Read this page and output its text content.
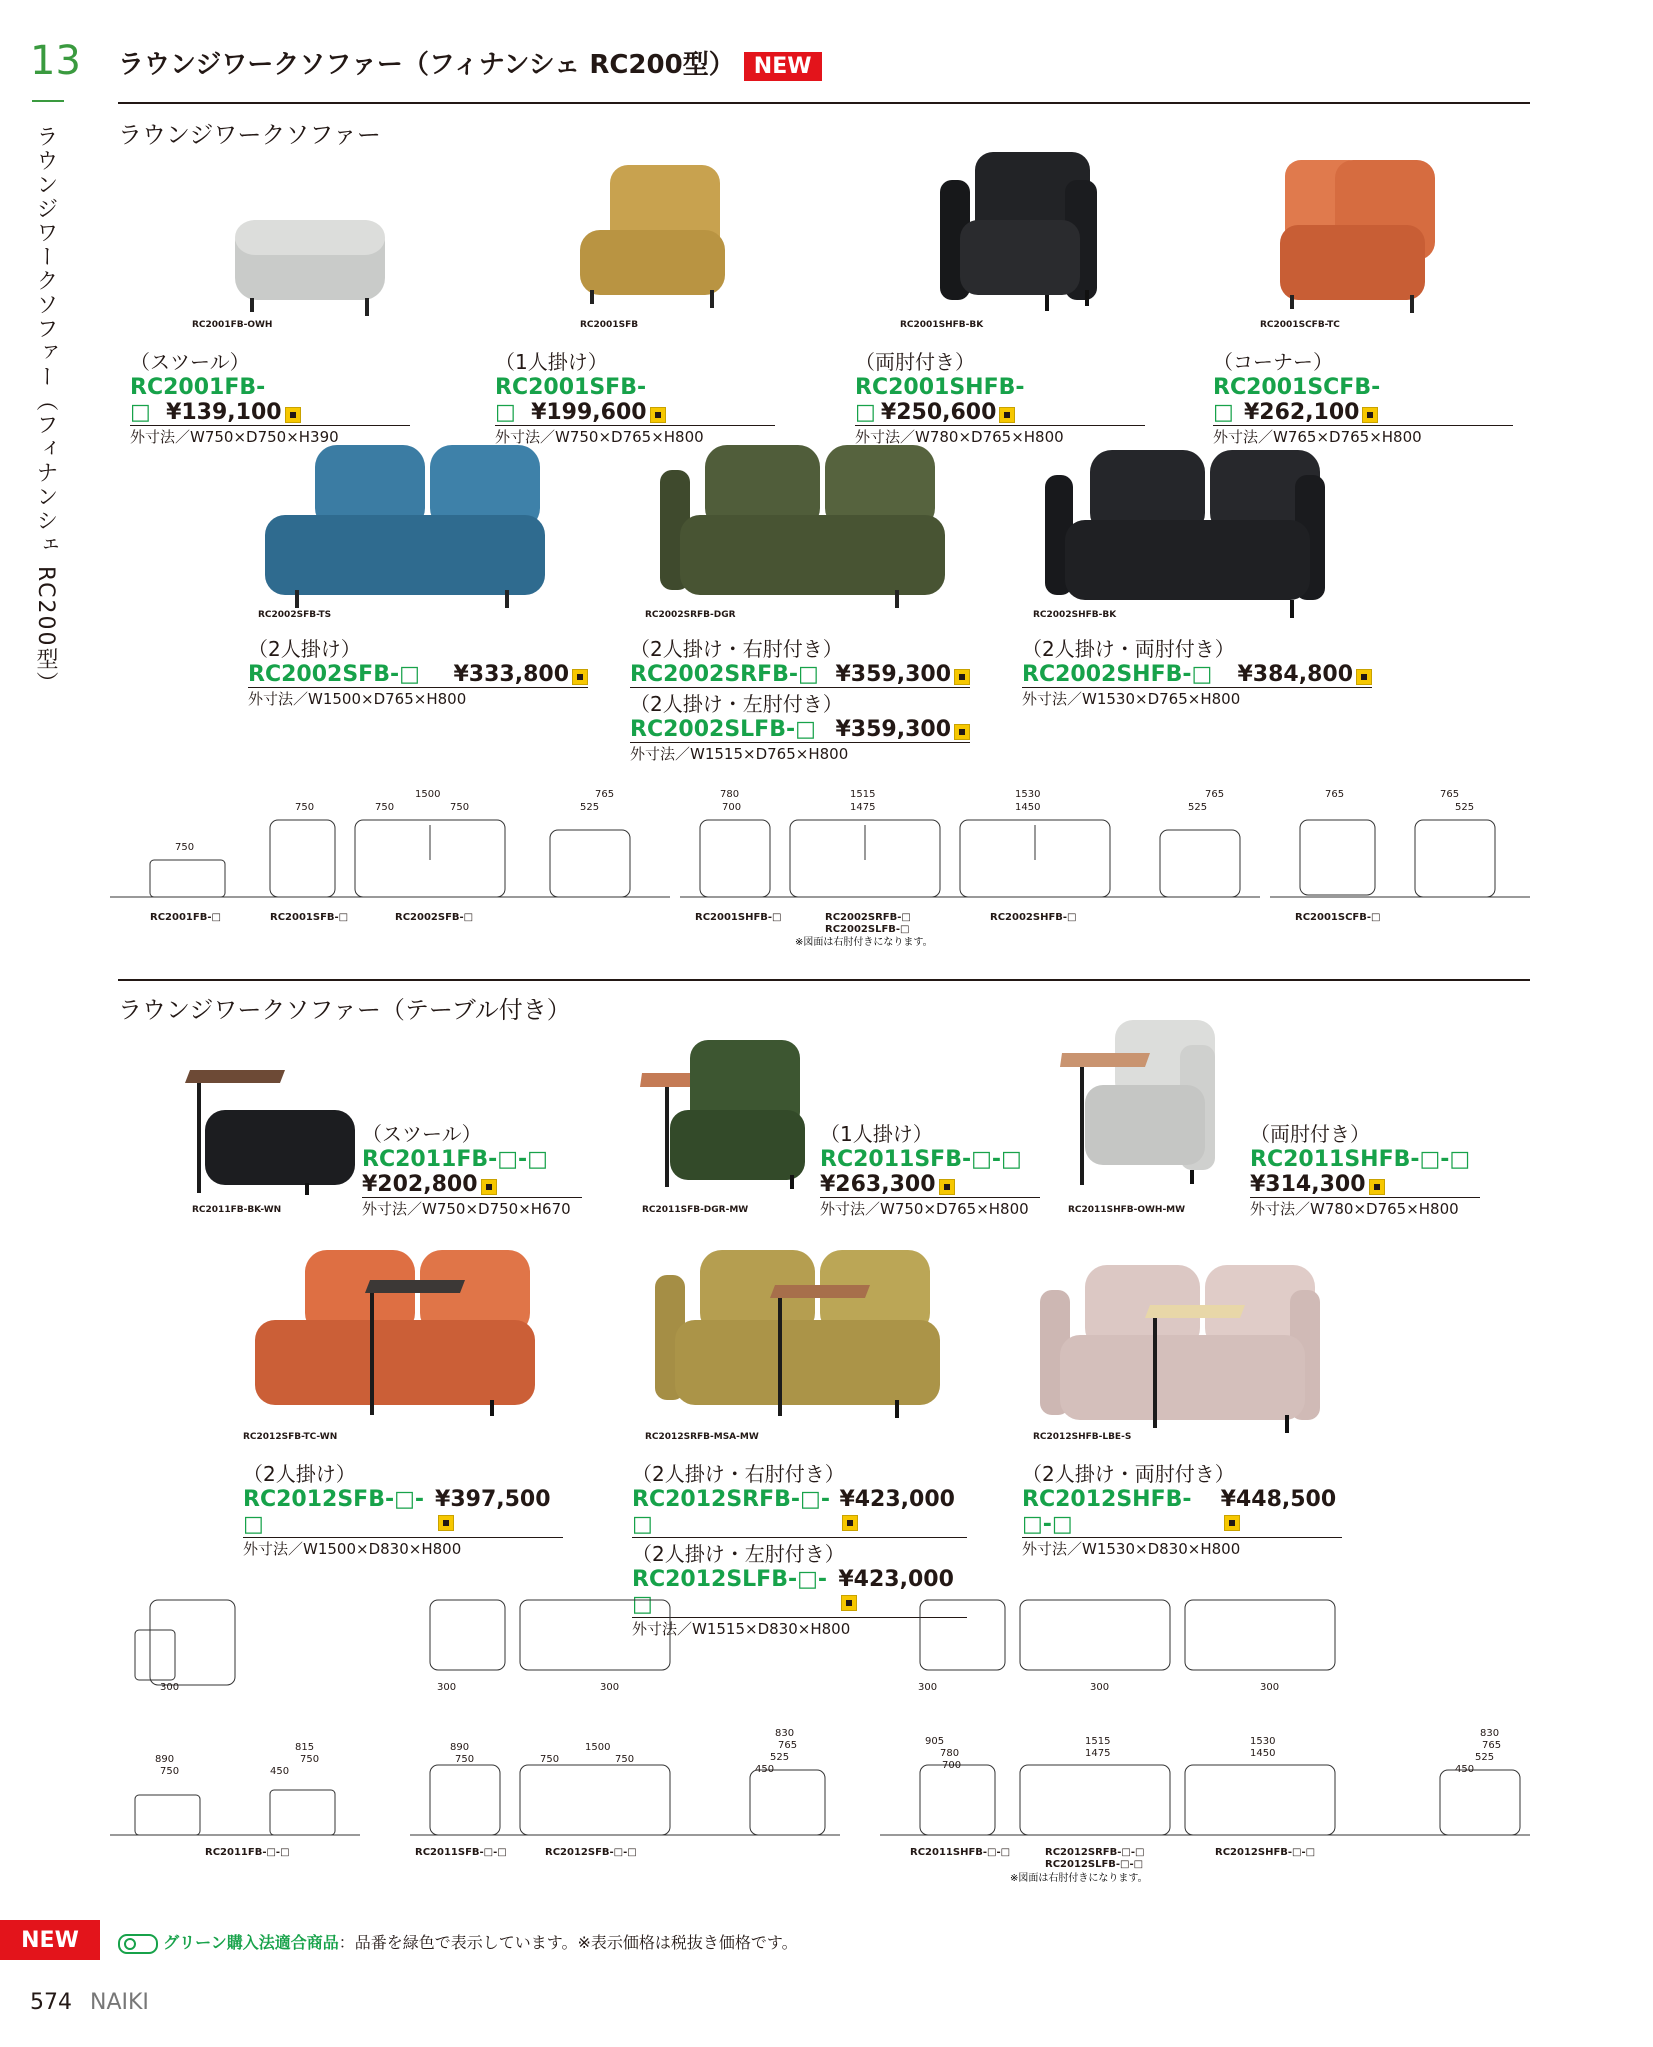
13
ラウンジワークソファー（フィナンシェ RC200型）
ラウンジワークソファー（フィナンシェ RC200型） NEW
ラウンジワークソファー
RC2001FB-OWH	RC2001SFB	RC2001SHFB-BK	RC2001SCFB-TC
RC2002SFB-TS	RC2002SRFB-DGR	RC2002SHFB-BK
（スツール）
RC2001FB-□ ¥139,100
外寸法／W750×D750×H390
（1人掛け）
RC2001SFB-□ ¥199,600
外寸法／W750×D765×H800
（両肘付き）
RC2001SHFB-□ ¥250,600
外寸法／W780×D765×H800
（コーナー）
RC2001SCFB-□ ¥262,100
外寸法／W765×D765×H800
（2人掛け）
RC2002SFB-□ ¥333,800
外寸法／W1500×D765×H800
（2人掛け・右肘付き）
RC2002SRFB-□ ¥359,300
（2人掛け・左肘付き）
RC2002SLFB-□ ¥359,300
外寸法／W1515×D765×H800
（2人掛け・両肘付き）
RC2002SHFB-□ ¥384,800
外寸法／W1530×D765×H800
750
750
1500
750	750
765
525
780
700
1515
1475
1530
1450
765
525
765	765
525
RC2001FB-□	RC2001SFB-□	RC2002SFB-□	RC2001SHFB-□	RC2002SRFB-□
RC2002SLFB-□
RC2002SHFB-□	RC2001SCFB-□
※図面は右肘付きになります。
ラウンジワークソファー（テーブル付き）
RC2011FB-BK-WN	RC2011SFB-DGR-MW	RC2011SHFB-OWH-MW
RC2012SFB-TC-WN	RC2012SRFB-MSA-MW	RC2012SHFB-LBE-S
（スツール）
RC2011FB-□-□
¥202,800
外寸法／W750×D750×H670
（1人掛け）
RC2011SFB-□-□
¥263,300
外寸法／W750×D765×H800
（両肘付き）
RC2011SHFB-□-□
¥314,300
外寸法／W780×D765×H800
（2人掛け）
RC2012SFB-□-□
¥397,500
外寸法／W1500×D830×H800
（2人掛け・右肘付き）
RC2012SRFB-□-□
¥423,000
（2人掛け・左肘付き）
RC2012SLFB-□-□
¥423,000
外寸法／W1515×D830×H800
（2人掛け・両肘付き）
RC2012SHFB-□-□
¥448,500
外寸法／W1530×D830×H800
890
750
815
750
450
890
750
1500
750	750
830
765
525
450
905
780
700
1515
1475
1530
1450
830
765
525
450
300	300	300	300	300	300
RC2011FB-□-□	RC2011SFB-□-□	RC2012SFB-□-□	RC2011SHFB-□-□	RC2012SRFB-□-□
RC2012SLFB-□-□
RC2012SHFB-□-□
※図面は右肘付きになります。
NEW	グリーン購入法適合商品：品番を緑色で表示しています。※表示価格は税抜き価格です。
574 NAIKI
